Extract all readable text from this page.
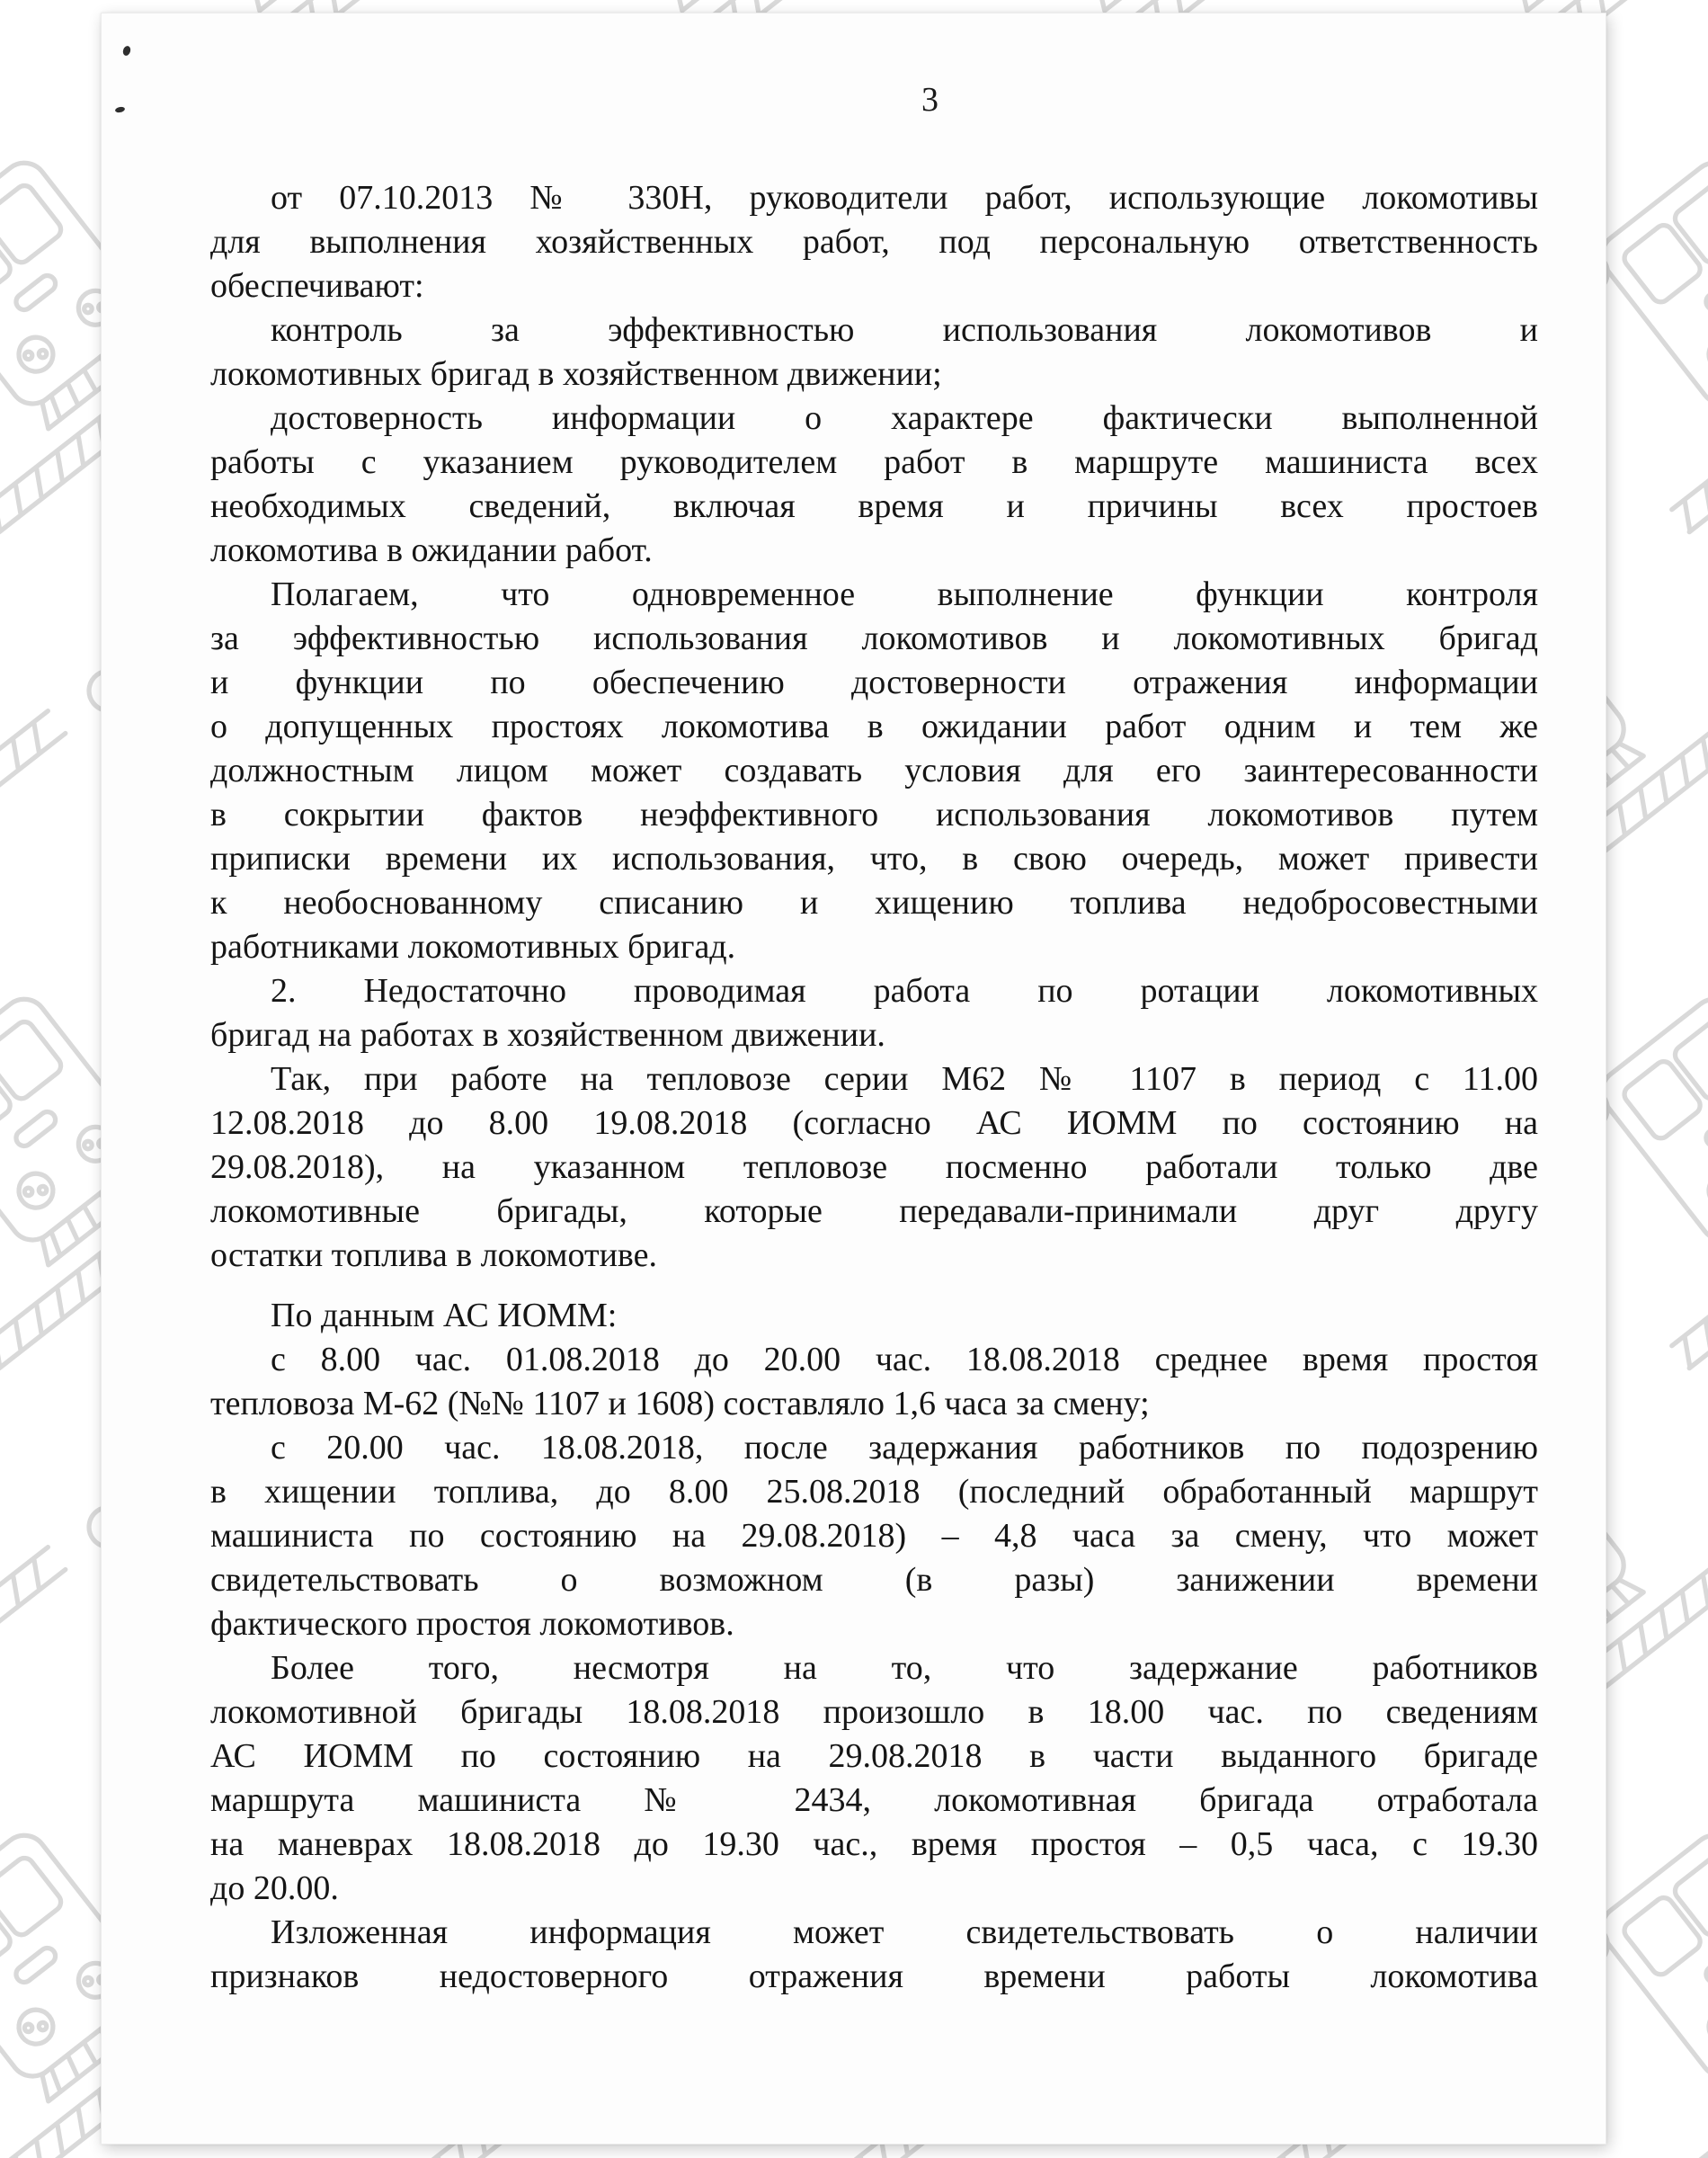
3
от 07.10.2013 № 330Н, руководители работ, использующие локомотивы
для выполнения хозяйственных работ, под персональную ответственность
обеспечивают:
контроль за эффективностью использования локомотивов и
локомотивных бригад в хозяйственном движении;
достоверность информации о характере фактически выполненной
работы с указанием руководителем работ в маршруте машиниста всех
необходимых сведений, включая время и причины всех простоев
локомотива в ожидании работ.
Полагаем, что одновременное выполнение функции контроля
за эффективностью использования локомотивов и локомотивных бригад
и функции по обеспечению достоверности отражения информации
о допущенных простоях локомотива в ожидании работ одним и тем же
должностным лицом может создавать условия для его заинтересованности
в сокрытии фактов неэффективного использования локомотивов путем
приписки времени их использования, что, в свою очередь, может привести
к необоснованному списанию и хищению топлива недобросовестными
работниками локомотивных бригад.
2. Недостаточно проводимая работа по ротации локомотивных
бригад на работах в хозяйственном движении.
Так, при работе на тепловозе серии М62 № 1107 в период с 11.00
12.08.2018 до 8.00 19.08.2018 (согласно АС ИОММ по состоянию на
29.08.2018), на указанном тепловозе посменно работали только две
локомотивные бригады, которые передавали-принимали друг другу
остатки топлива в локомотиве.
По данным АС ИОММ:
с 8.00 час. 01.08.2018 до 20.00 час. 18.08.2018 среднее время простоя
тепловоза М-62 (№№ 1107 и 1608) составляло 1,6 часа за смену;
с 20.00 час. 18.08.2018, после задержания работников по подозрению
в хищении топлива, до 8.00 25.08.2018 (последний обработанный маршрут
машиниста по состоянию на 29.08.2018) – 4,8 часа за смену, что может
свидетельствовать о возможном (в разы) занижении времени
фактического простоя локомотивов.
Более того, несмотря на то, что задержание работников
локомотивной бригады 18.08.2018 произошло в 18.00 час. по сведениям
АС ИОММ по состоянию на 29.08.2018 в части выданного бригаде
маршрута машиниста № 2434, локомотивная бригада отработала
на маневрах 18.08.2018 до 19.30 час., время простоя – 0,5 часа, с 19.30
до 20.00.
Изложенная информация может свидетельствовать о наличии
признаков недостоверного отражения времени работы локомотива
